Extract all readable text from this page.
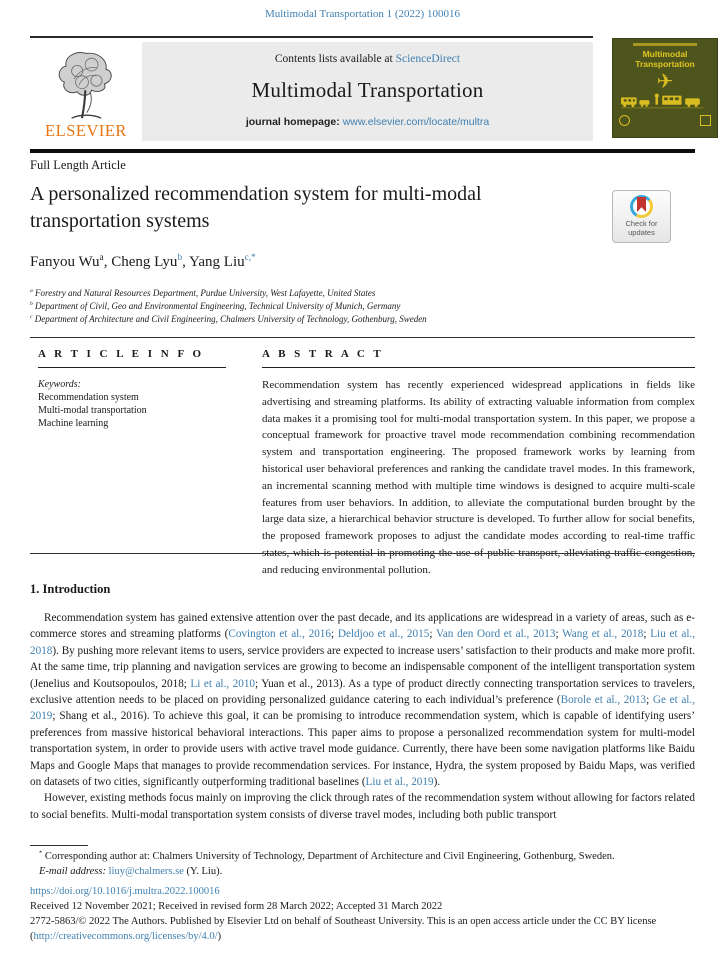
Multimodal Transportation 1 (2022) 100016
ELSEVIER
Contents lists available at ScienceDirect
Multimodal Transportation
journal homepage: www.elsevier.com/locate/multra
Multimodal
Transportation
✈
Full Length Article
A personalized recommendation system for multi-modal transportation systems	Check for
updates
Fanyou Wu$^a$, Cheng Lyu$^b$, Yang Liu$^{c,*}$
$^a$ Forestry and Natural Resources Department, Purdue University, West Lafayette, United States
$^b$ Department of Civil, Geo and Environmental Engineering, Technical University of Munich, Germany
$^c$ Department of Architecture and Civil Engineering, Chalmers University of Technology, Gothenburg, Sweden
A R T I C L E I N F O
Keywords:
Recommendation system
Multi-modal transportation
Machine learning
A B S T R A C T

Recommendation system has recently experienced widespread applications in fields like advertising and streaming platforms. Its ability of extracting valuable information from complex data makes it a promising tool for multi-modal transportation system. In this paper, we propose a conceptual framework for proactive travel mode recommendation combining recommendation system and transportation engineering. The proposed framework works by learning from historical user behavioral preferences and ranking the candidate travel modes. In this framework, an incremental scanning method with multiple time windows is designed to acquire multi-scale features from user behaviors. In addition, to alleviate the computational burden brought by the large data size, a hierarchical behavior structure is developed. To further allow for social benefits, the proposed framework proposes to adjust the candidate modes according to real-time traffic states, which is potential in promoting the use of public transport, alleviating traffic congestion, and reducing environmental pollution.

1. Introduction

Recommendation system has gained extensive attention over the past decade, and its applications are widespread in a variety of areas, such as e-commerce stores and streaming platforms (Covington et al., 2016; Deldjoo et al., 2015; Van den Oord et al., 2013; Wang et al., 2018; Liu et al., 2018). By pushing more relevant items to users, service providers are expected to increase users’ satisfaction to their products and make more profit. At the same time, trip planning and navigation services are growing to become an indispensable component of the intelligent transportation system (Jenelius and Koutsopoulos, 2018; Li et al., 2010; Yuan et al., 2013). As a type of product directly connecting transportation services to travelers, exclusive attention needs to be placed on providing personalized guidance catering to each individual’s preference (Borole et al., 2013; Ge et al., 2019; Shang et al., 2016). To achieve this goal, it can be promising to introduce recommendation system, which is capable of identifying users’ preferences from massive historical behavioral interactions. This paper aims to propose a personalized recommendation system for multi-model transportation system, in order to provide users with active travel mode guidance. Currently, there have been some navigation platforms like Baidu Maps and Google Maps that manages to provide recommendation services. For instance, Hydra, the system proposed by Baidu Maps, was verified on datasets of two cities, significantly outperforming traditional baselines (Liu et al., 2019).

However, existing methods focus mainly on improving the click through rates of the recommendation system without allowing for factors related to social benefits. Multi-modal transportation system consists of diverse travel modes, including both public transport

* Corresponding author at: Chalmers University of Technology, Department of Architecture and Civil Engineering, Gothenburg, Sweden.
E-mail address: liuy@chalmers.se (Y. Liu).
https://doi.org/10.1016/j.multra.2022.100016
Received 12 November 2021; Received in revised form 28 March 2022; Accepted 31 March 2022
2772-5863/© 2022 The Authors. Published by Elsevier Ltd on behalf of Southeast University. This is an open access article under the CC BY license (http://creativecommons.org/licenses/by/4.0/)
